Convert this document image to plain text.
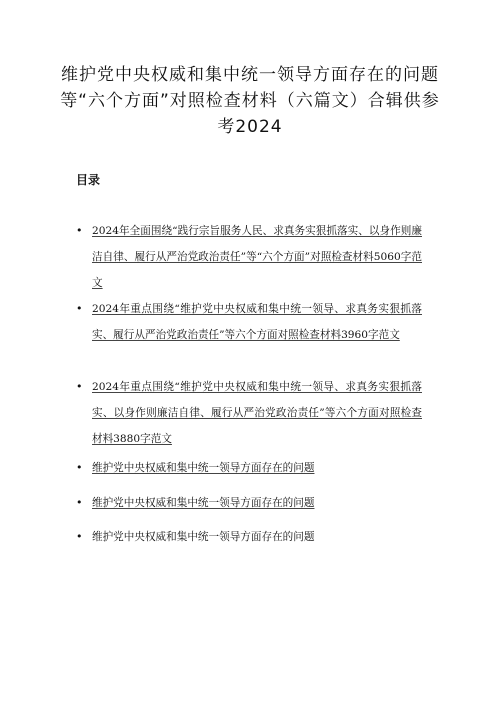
维护党中央权威和集中统一领导方面存在的问题等“六个方面”对照检查材料（六篇文）合辑供参考2024
目录
• 2024年全面围绕“践行宗旨服务人民、求真务实狠抓落实、以身作则廉洁自律、履行从严治党政治责任”等“六个方面”对照检查材料5060字范文
• 2024年重点围绕“维护党中央权威和集中统一领导、求真务实狠抓落实、履行从严治党政治责任”等六个方面对照检查材料3960字范文
• 2024年重点围绕“维护党中央权威和集中统一领导、求真务实狠抓落实、以身作则廉洁自律、履行从严治党政治责任”等六个方面对照检查材料3880字范文
• 维护党中央权威和集中统一领导方面存在的问题
• 维护党中央权威和集中统一领导方面存在的问题
• 维护党中央权威和集中统一领导方面存在的问题
